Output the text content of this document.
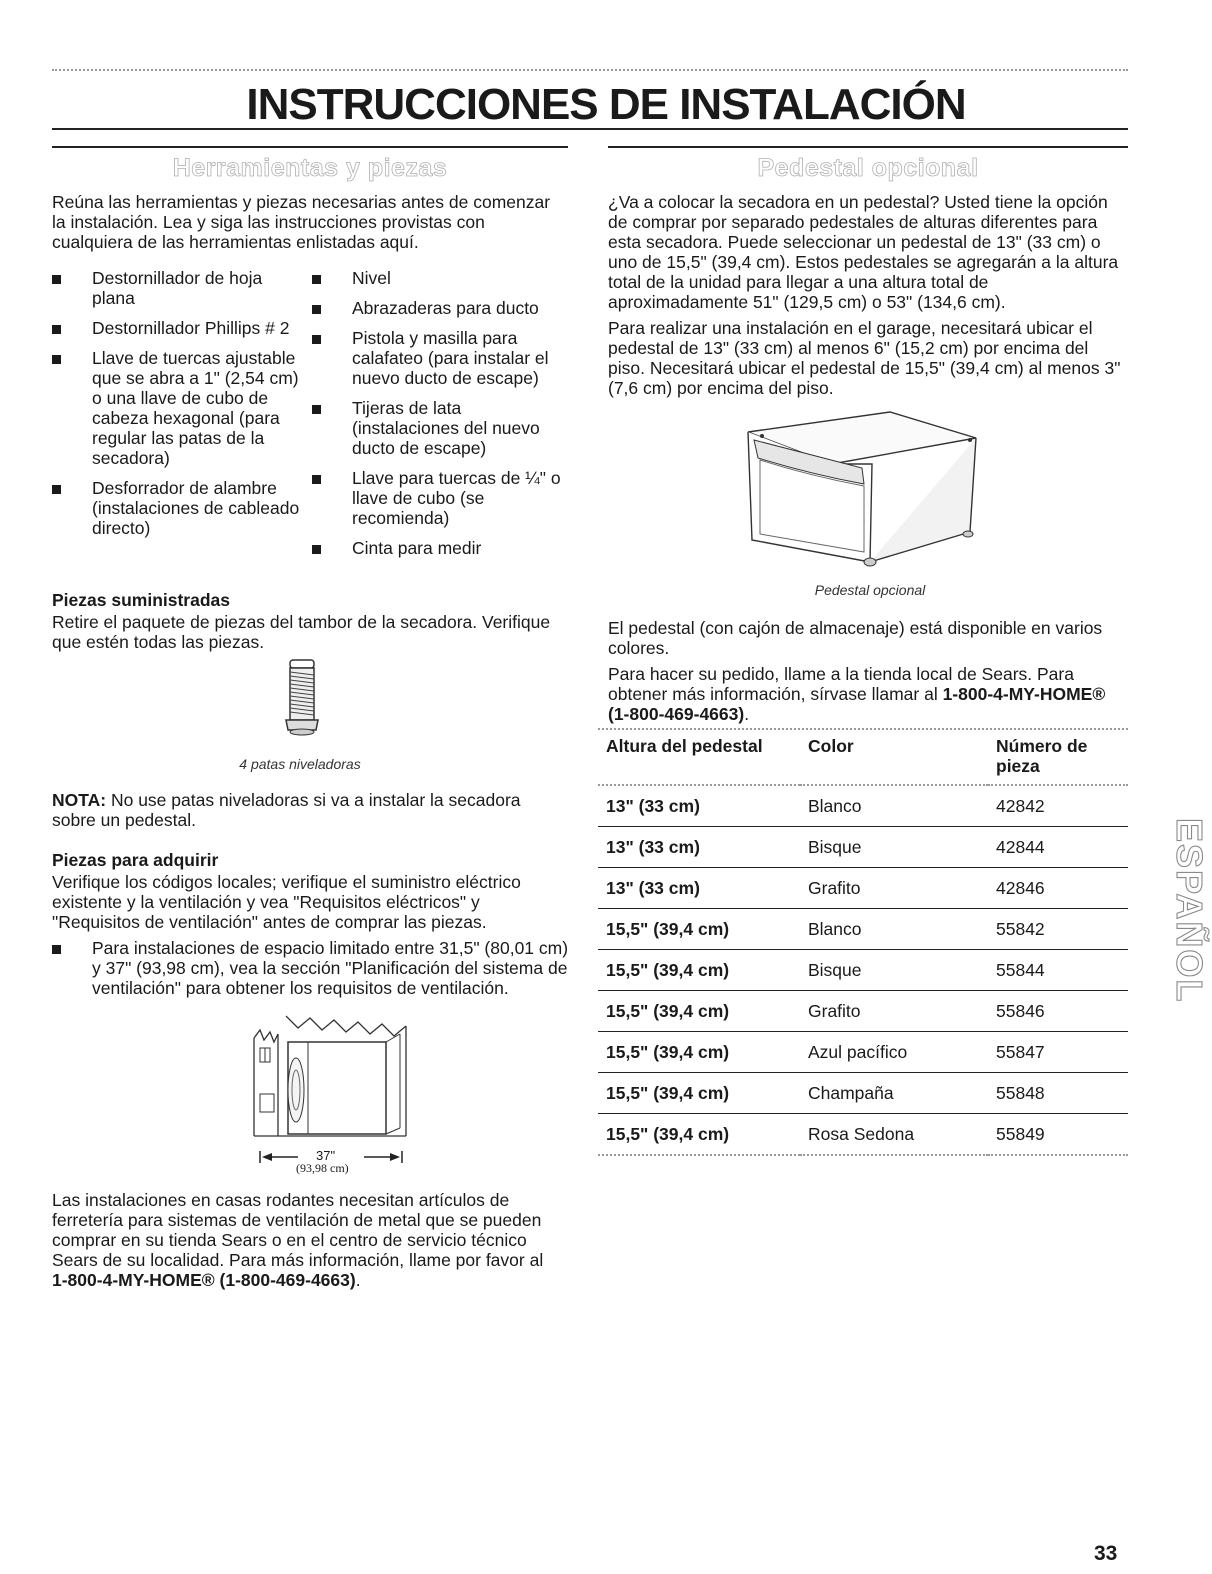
INSTRUCCIONES DE INSTALACIÓN
Herramientas y piezas

Reúna las herramientas y piezas necesarias antes de comenzar la instalación. Lea y siga las instrucciones provistas con cualquiera de las herramientas enlistadas aquí.

Destornillador de hoja plana
Destornillador Phillips # 2
Llave de tuercas ajustable que se abra a 1" (2,54 cm) o una llave de cubo de cabeza hexagonal (para regular las patas de la secadora)
Desforrador de alambre (instalaciones de cableado directo)
Nivel
Abrazaderas para ducto
Pistola y masilla para calafateo (para instalar el nuevo ducto de escape)
Tijeras de lata (instalaciones del nuevo ducto de escape)
Llave para tuercas de ¼" o llave de cubo (se recomienda)
Cinta para medir
Piezas suministradas

Retire el paquete de piezas del tambor de la secadora. Verifique que estén todas las piezas.

4 patas niveladoras

NOTA: No use patas niveladoras si va a instalar la secadora sobre un pedestal.

Piezas para adquirir

Verifique los códigos locales; verifique el suministro eléctrico existente y la ventilación y vea "Requisitos eléctricos" y "Requisitos de ventilación" antes de comprar las piezas.

Para instalaciones de espacio limitado entre 31,5" (80,01 cm) y 37" (93,98 cm), vea la sección "Planificación del sistema de ventilación" para obtener los requisitos de ventilación.
37"
(93,98 cm)

Las instalaciones en casas rodantes necesitan artículos de ferretería para sistemas de ventilación de metal que se pueden comprar en su tienda Sears o en el centro de servicio técnico Sears de su localidad. Para más información, llame por favor al 1-800-4-MY-HOME® (1-800-469-4663).

Pedestal opcional

¿Va a colocar la secadora en un pedestal? Usted tiene la opción de comprar por separado pedestales de alturas diferentes para esta secadora. Puede seleccionar un pedestal de 13" (33 cm) o uno de 15,5" (39,4 cm). Estos pedestales se agregarán a la altura total de la unidad para llegar a una altura total de aproximadamente 51" (129,5 cm) o 53" (134,6 cm).

Para realizar una instalación en el garage, necesitará ubicar el pedestal de 13" (33 cm) al menos 6" (15,2 cm) por encima del piso. Necesitará ubicar el pedestal de 15,5" (39,4 cm) al menos 3" (7,6 cm) por encima del piso.

Pedestal opcional

El pedestal (con cajón de almacenaje) está disponible en varios colores.

Para hacer su pedido, llame a la tienda local de Sears. Para obtener más información, sírvase llamar al 1-800-4-MY-HOME® (1-800-469-4663).

Altura del pedestal	Color	Número de pieza
13" (33 cm)	Blanco	42842
13" (33 cm)	Bisque	42844
13" (33 cm)	Grafito	42846
15,5" (39,4 cm)	Blanco	55842
15,5" (39,4 cm)	Bisque	55844
15,5" (39,4 cm)	Grafito	55846
15,5" (39,4 cm)	Azul pacífico	55847
15,5" (39,4 cm)	Champaña	55848
15,5" (39,4 cm)	Rosa Sedona	55849
ESPAÑOL

33
